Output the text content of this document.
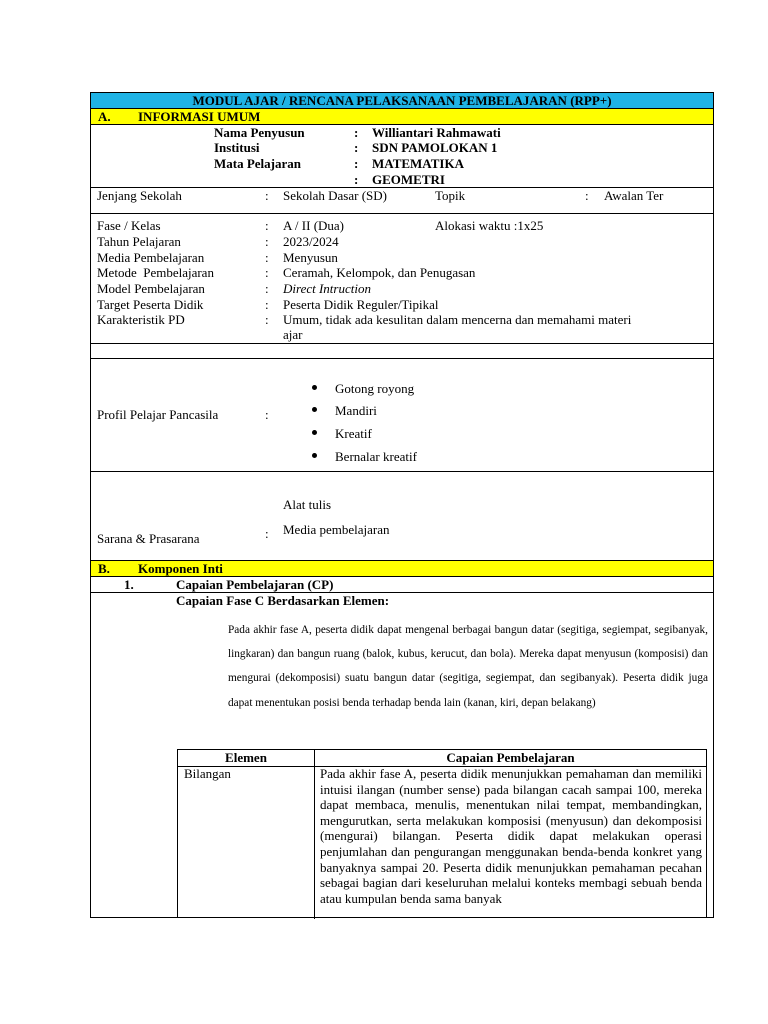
MODUL AJAR / RENCANA PELAKSANAAN PEMBELAJARAN (RPP+)
A. INFORMASI UMUM
Nama Penyusun	: Williantari Rahmawati
Institusi	: SDN PAMOLOKAN 1
Mata Pelajaran	: MATEMATIKA
: GEOMETRI
Jenjang Sekolah	: Sekolah Dasar (SD)	Topik	: Awalan Ter
Fase / Kelas	: A / II (Dua)	Alokasi waktu :1x25
Tahun Pelajaran	: 2023/2024
Media Pembelajaran	: Menyusun
Metode  Pembelajaran	: Ceramah, Kelompok, dan Penugasan
Model Pembelajaran	: Direct Intruction
Target Peserta Didik	: Peserta Didik Reguler/Tipikal
Karakteristik PD	: Umum, tidak ada kesulitan dalam mencerna dan memahami materi
ajar
Profil Pelajar Pancasila	:
Gotong royong
Mandiri
Kreatif
Bernalar kreatif
Sarana & Prasarana	:
Alat tulis
Media pembelajaran
B. Komponen Inti
1.	Capaian Pembelajaran (CP)
Capaian Fase C Berdasarkan Elemen:
Pada akhir fase A, peserta didik dapat mengenal berbagai bangun datar (segitiga, segiempat, segibanyak, lingkaran) dan bangun ruang (balok, kubus, kerucut, dan bola). Mereka dapat menyusun (komposisi) dan mengurai (dekomposisi) suatu bangun datar (segitiga, segiempat, dan segibanyak). Peserta didik juga dapat menentukan posisi benda terhadap benda lain (kanan, kiri, depan belakang)
Elemen	Capaian Pembelajaran
Bilangan	Pada akhir fase A, peserta didik menunjukkan pemahaman dan memiliki intuisi ilangan (number sense) pada bilangan cacah sampai 100, mereka dapat membaca, menulis, menentukan nilai tempat, membandingkan, mengurutkan, serta melakukan komposisi (menyusun) dan dekomposisi (mengurai) bilangan. Peserta didik dapat melakukan operasi penjumlahan dan pengurangan menggunakan benda-benda konkret yang banyaknya sampai 20. Peserta didik menunjukkan pemahaman pecahan sebagai bagian dari keseluruhan melalui konteks membagi sebuah benda atau kumpulan benda sama banyak
